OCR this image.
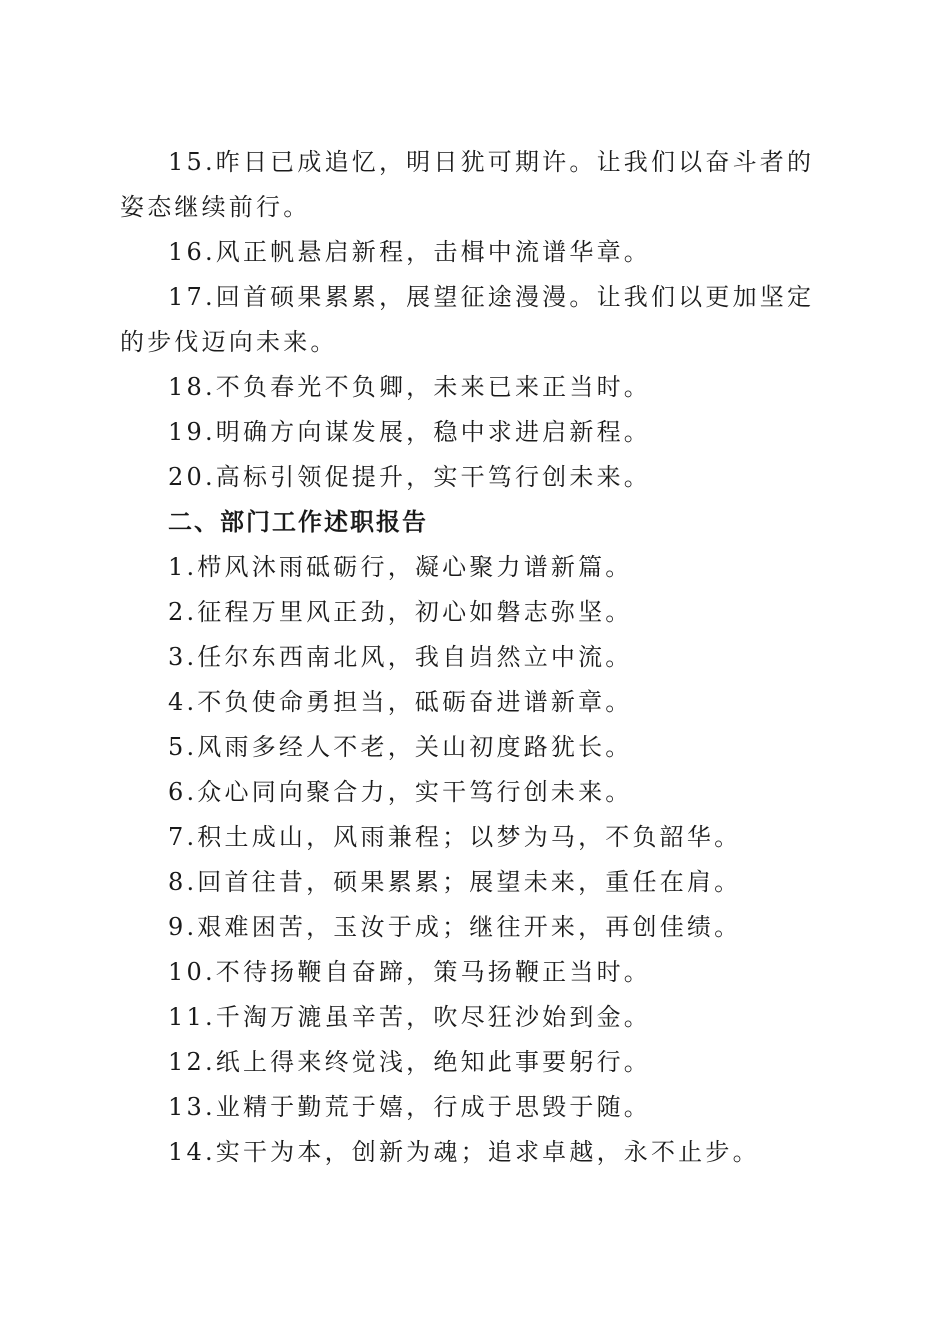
15.昨日已成追忆，明日犹可期许。让我们以奋斗者的姿态继续前行。

16.风正帆悬启新程，击楫中流谱华章。

17.回首硕果累累，展望征途漫漫。让我们以更加坚定的步伐迈向未来。

18.不负春光不负卿，未来已来正当时。

19.明确方向谋发展，稳中求进启新程。

20.高标引领促提升，实干笃行创未来。

二、部门工作述职报告

1.栉风沐雨砥砺行，凝心聚力谱新篇。

2.征程万里风正劲，初心如磐志弥坚。

3.任尔东西南北风，我自岿然立中流。

4.不负使命勇担当，砥砺奋进谱新章。

5.风雨多经人不老，关山初度路犹长。

6.众心同向聚合力，实干笃行创未来。

7.积土成山，风雨兼程；以梦为马，不负韶华。

8.回首往昔，硕果累累；展望未来，重任在肩。

9.艰难困苦，玉汝于成；继往开来，再创佳绩。

10.不待扬鞭自奋蹄，策马扬鞭正当时。

11.千淘万漉虽辛苦，吹尽狂沙始到金。

12.纸上得来终觉浅，绝知此事要躬行。

13.业精于勤荒于嬉，行成于思毁于随。

14.实干为本，创新为魂；追求卓越，永不止步。
